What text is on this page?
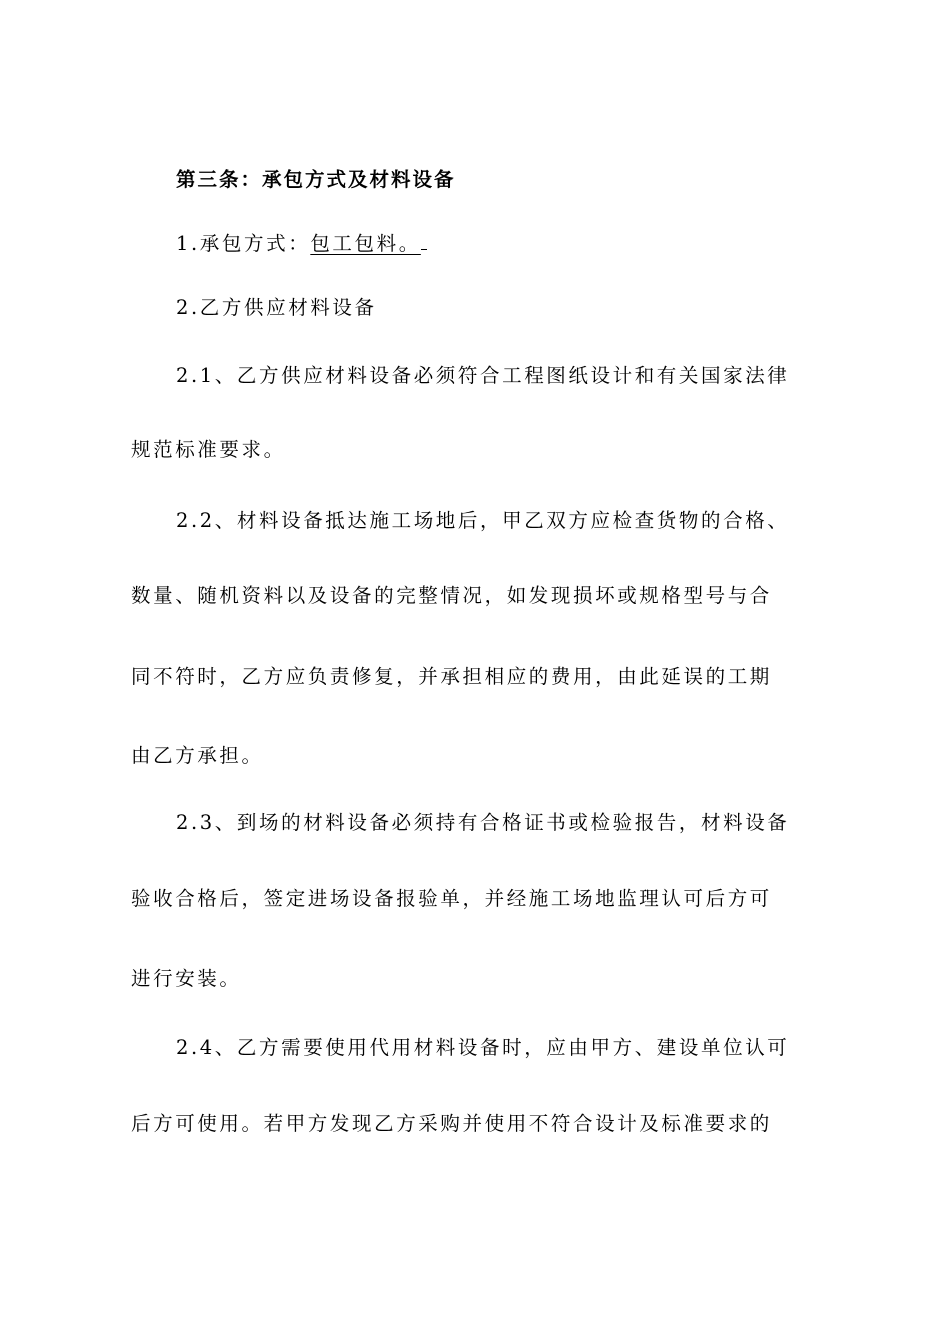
第三条：承包方式及材料设备
1.承包方式：包工包料。
2.乙方供应材料设备
2.1、乙方供应材料设备必须符合工程图纸设计和有关国家法律
规范标准要求。
2.2、材料设备抵达施工场地后，甲乙双方应检查货物的合格、
数量、随机资料以及设备的完整情况，如发现损坏或规格型号与合
同不符时，乙方应负责修复，并承担相应的费用，由此延误的工期
由乙方承担。
2.3、到场的材料设备必须持有合格证书或检验报告，材料设备
验收合格后，签定进场设备报验单，并经施工场地监理认可后方可
进行安装。
2.4、乙方需要使用代用材料设备时，应由甲方、建设单位认可
后方可使用。若甲方发现乙方采购并使用不符合设计及标准要求的
